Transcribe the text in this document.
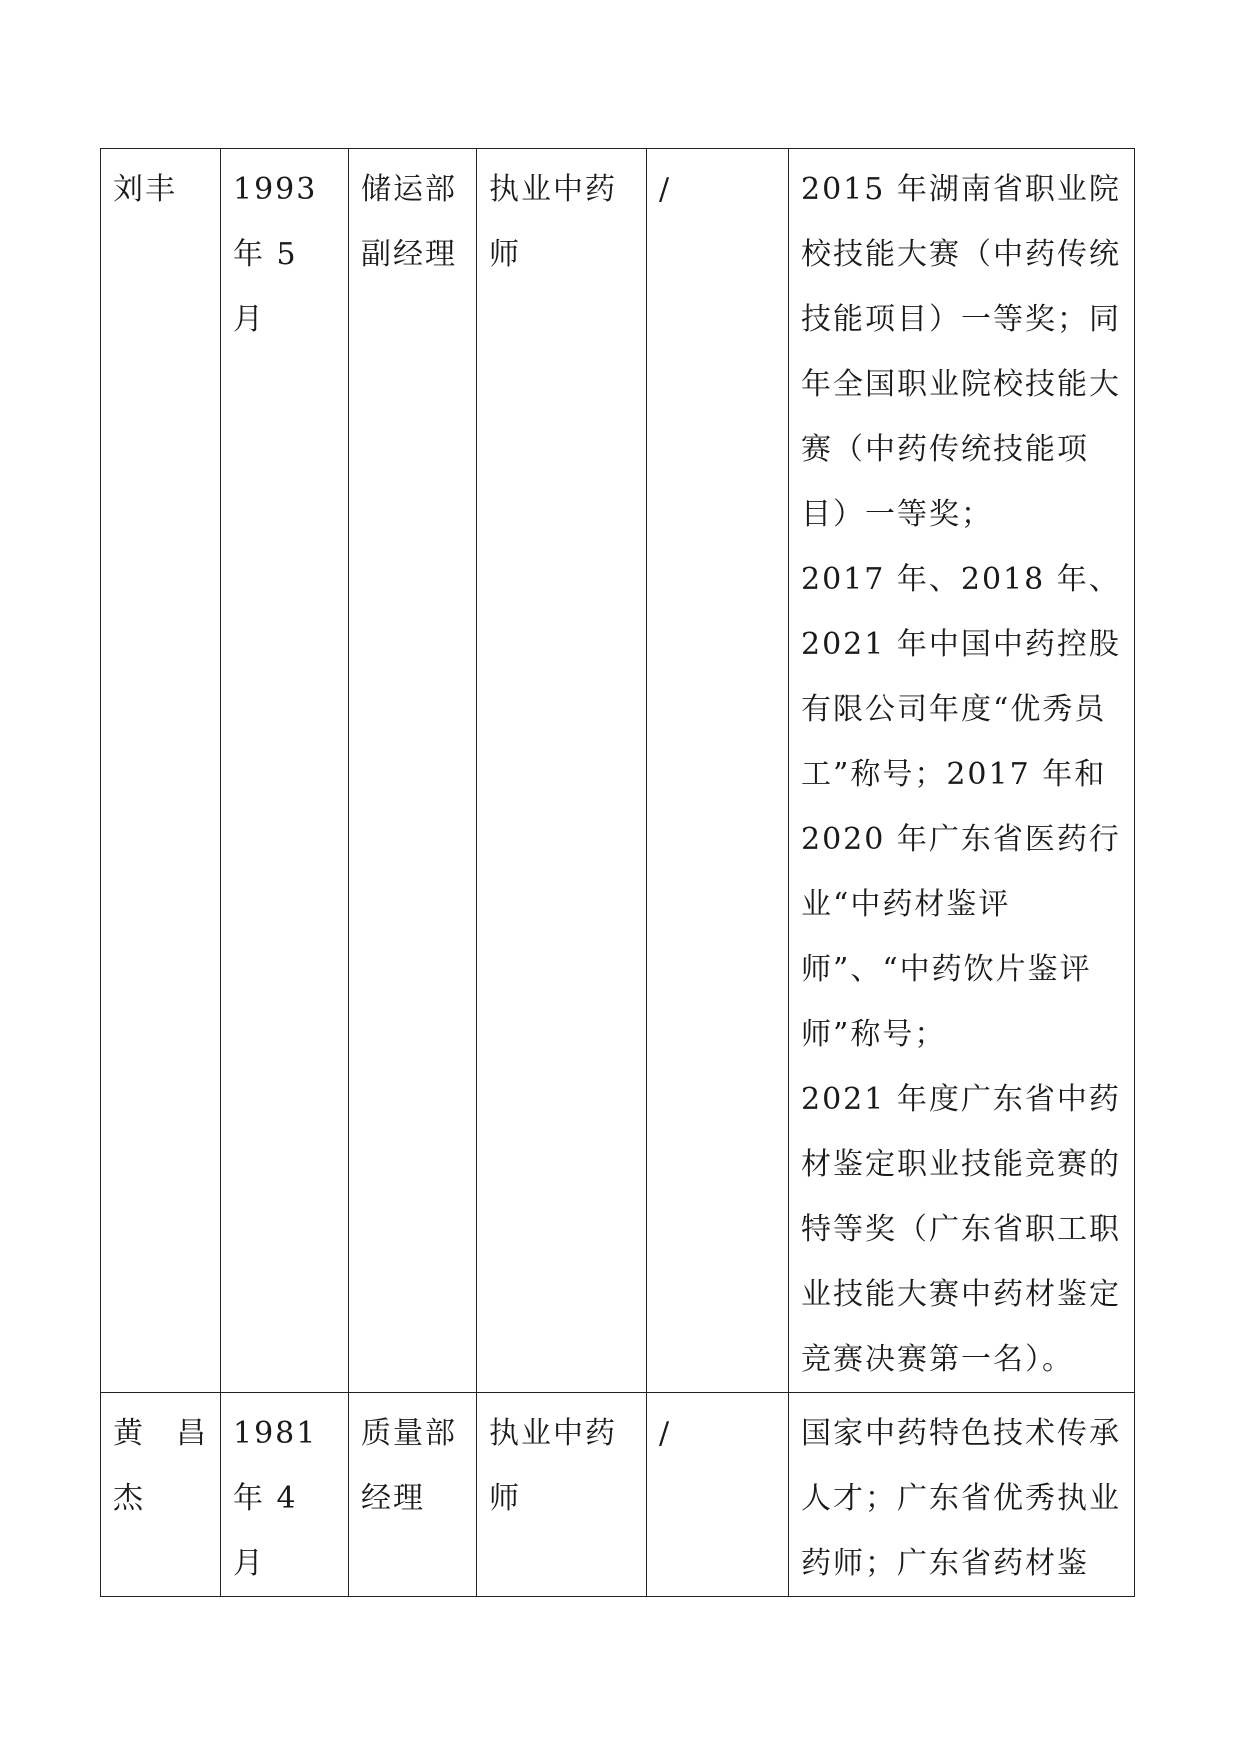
刘丰	1993 年 5 月	储运部副经理	执业中药师	/	2015 年湖南省职业院校技能大赛（中药传统技能项目）一等奖；同年全国职业院校技能大赛（中药传统技能项目）一等奖；
2017 年、2018 年、2021 年中国中药控股有限公司年度“优秀员工”称号；2017 年和 2020 年广东省医药行业“中药材鉴评师”、“中药饮片鉴评师”称号；
2021 年度广东省中药材鉴定职业技能竞赛的特等奖（广东省职工职业技能大赛中药材鉴定竞赛决赛第一名）。

黄 昌
杰	1981 年 4 月	质量部经理	执业中药师	/	国家中药特色技术传承人才；广东省优秀执业药师；广东省药材鉴
